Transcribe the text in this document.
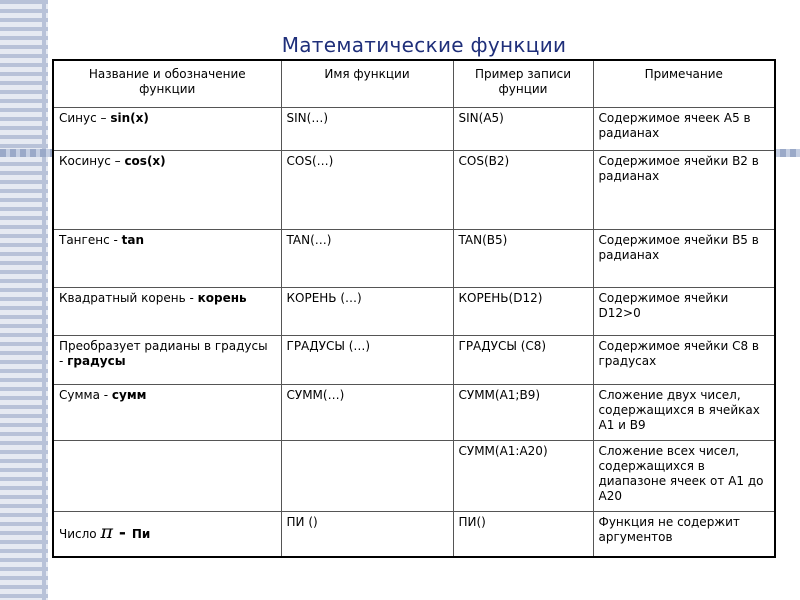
Математические функции
Название и обозначение функции	Имя функции	Пример записи фунции	Примечание
Синус – sin(x)	SIN(…)	SIN(A5)	Содержимое ячеек A5 в радианах
Косинус – cos(x)	COS(…)	COS(B2)	Содержимое ячейки B2 в радианах
Тангенс - tan	TAN(…)	TAN(B5)	Содержимое ячейки B5 в радианах
Квадратный корень - корень	КОРЕНЬ (…)	КОРЕНЬ(D12)	Содержимое ячейки D12>0
Преобразует радианы в градусы - градусы	ГРАДУСЫ (…)	ГРАДУСЫ (C8)	Содержимое ячейки C8 в градусах
Сумма - сумм	СУММ(…)	СУММ(A1;B9)	Сложение двух чисел, содержащихся в ячейках A1 и B9
		СУММ(A1:A20)	Сложение всех чисел, содержащихся в диапазоне ячеек от A1 до A20
Число π - Пи	ПИ ()	ПИ()	Функция не содержит аргументов
